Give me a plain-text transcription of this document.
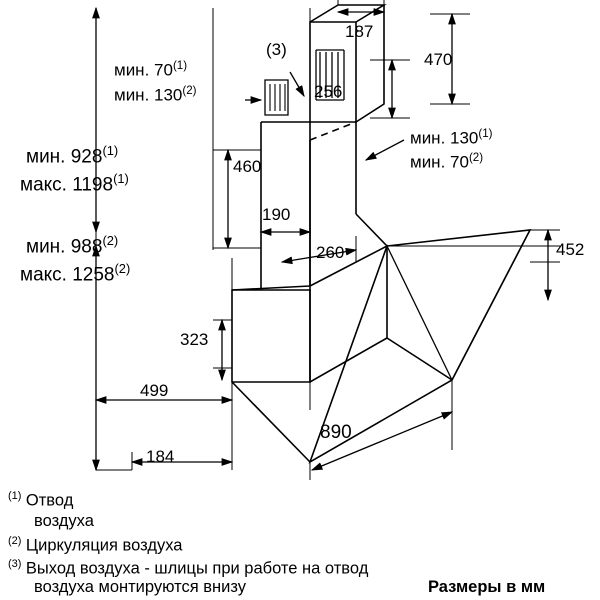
мин. 70$^{(1)}$
мин. 130$^{(2)}$
(3)
187
470
256
мин. 130$^{(1)}$
мин. 70$^{(2)}$
мин. 928$^{(1)}$
макс. 1198$^{(1)}$
мин. 988$^{(2)}$
макс. 1258$^{(2)}$
460
190
260	452
323
499
184
890
$^{(1)}$ Отвод
воздуха
$^{(2)}$ Циркуляция воздуха
$^{(3)}$ Выход воздуха - шлицы при работе на отвод
воздуха монтируются внизу	Размеры в мм
